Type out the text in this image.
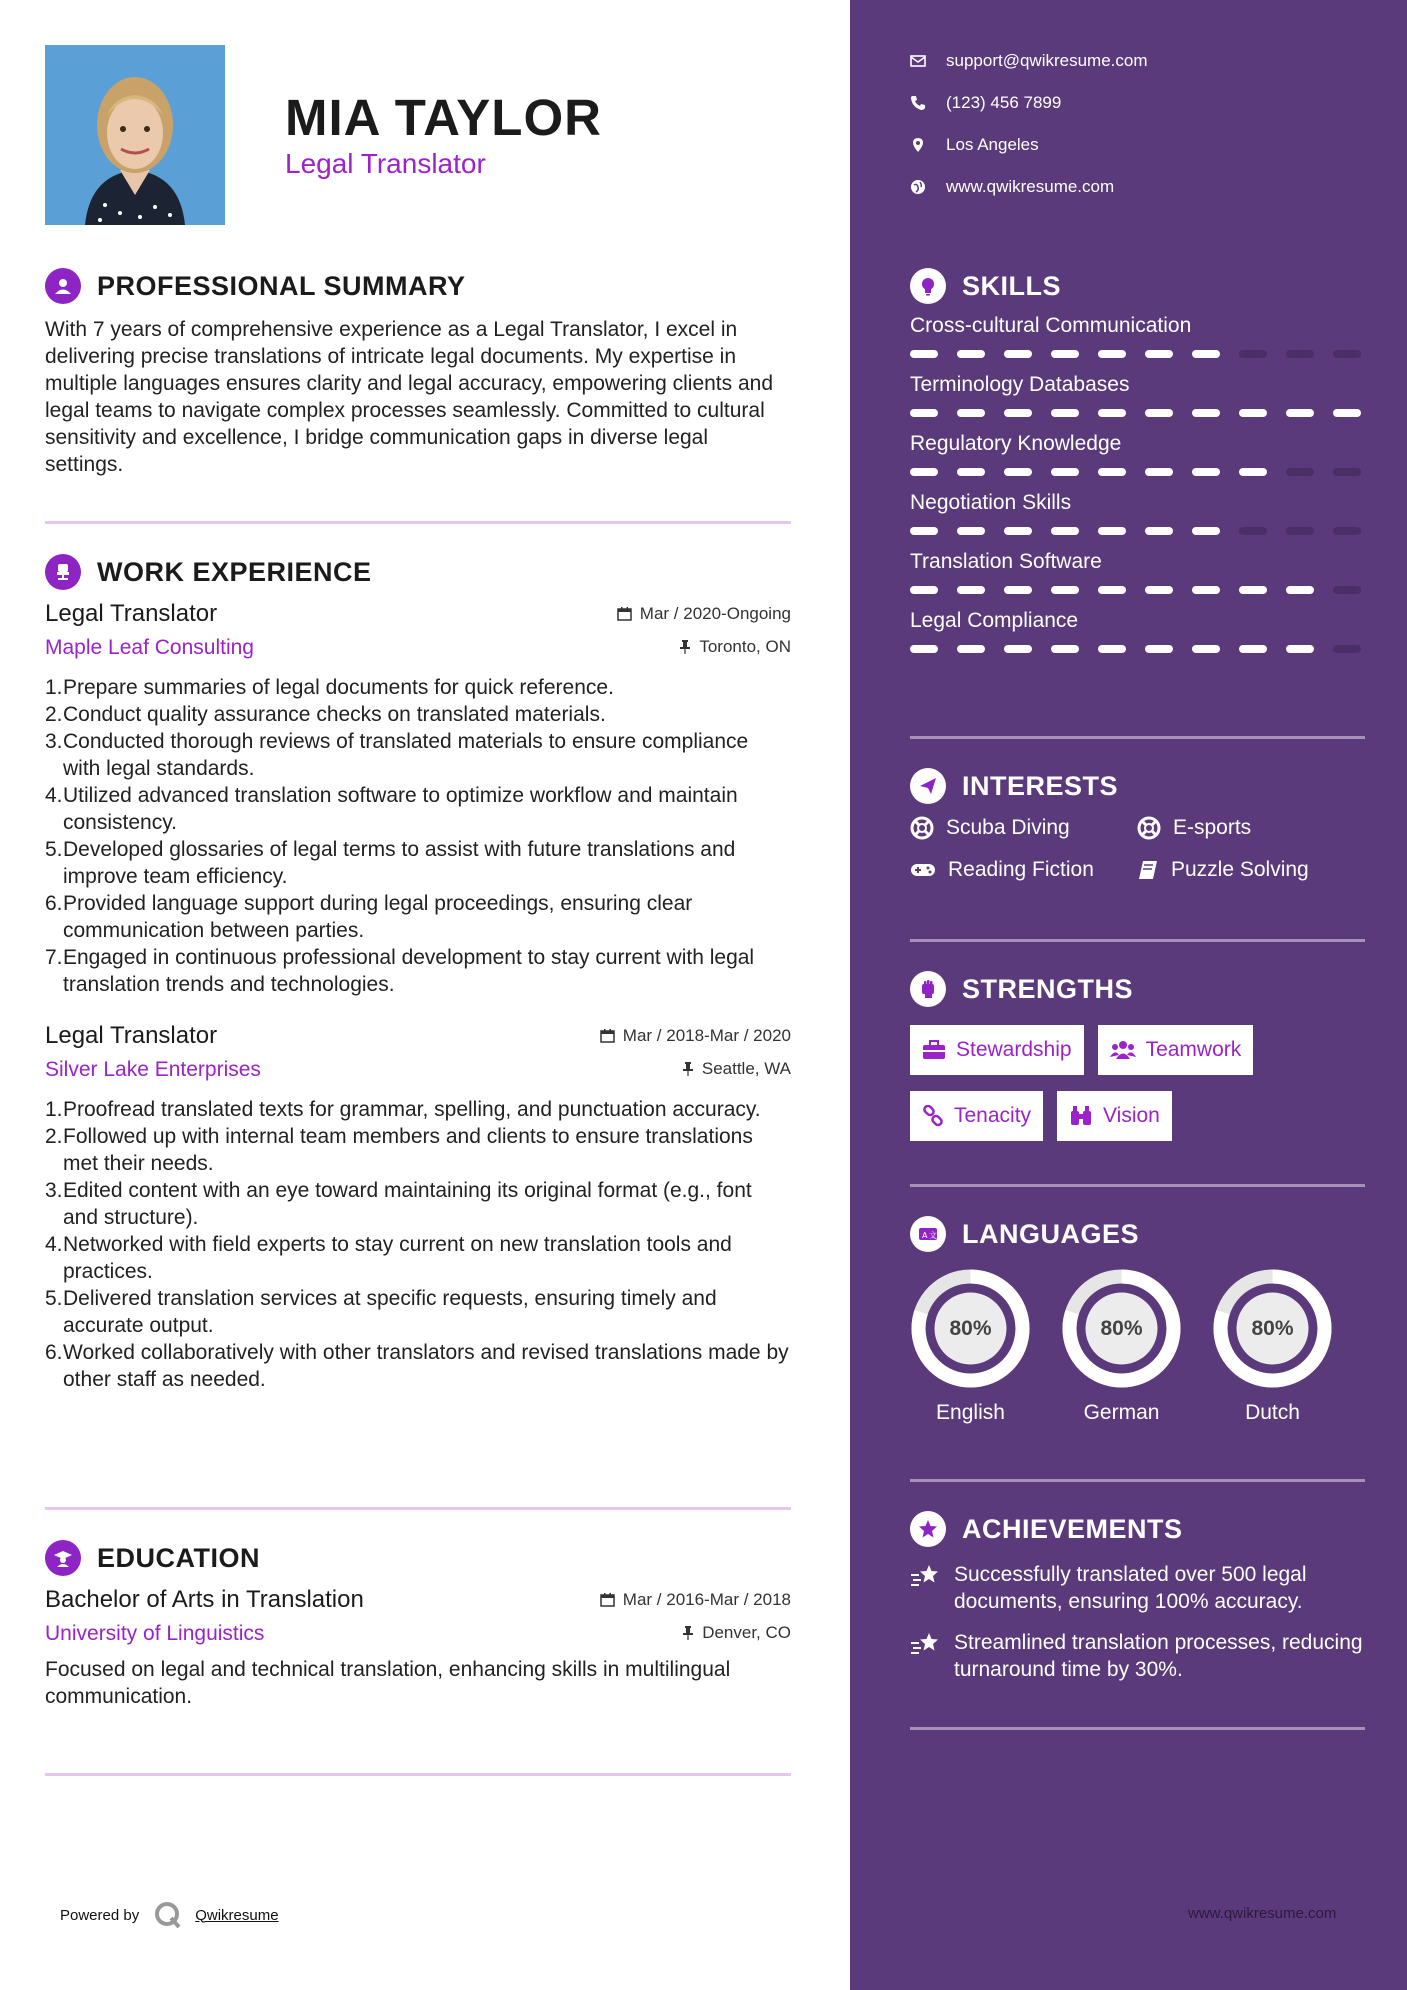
MIA TAYLOR
Legal Translator
PROFESSIONAL SUMMARY
With 7 years of comprehensive experience as a Legal Translator, I excel in delivering precise translations of intricate legal documents. My expertise in multiple languages ensures clarity and legal accuracy, empowering clients and legal teams to navigate complex processes seamlessly. Committed to cultural sensitivity and excellence, I bridge communication gaps in diverse legal settings.
WORK EXPERIENCE
Legal Translator	Mar / 2020-Ongoing
Maple Leaf Consulting	Toronto, ON
1.Prepare summaries of legal documents for quick reference.
2.Conduct quality assurance checks on translated materials.
3.Conducted thorough reviews of translated materials to ensure compliance with legal standards.
4.Utilized advanced translation software to optimize workflow and maintain consistency.
5.Developed glossaries of legal terms to assist with future translations and improve team efficiency.
6.Provided language support during legal proceedings, ensuring clear communication between parties.
7.Engaged in continuous professional development to stay current with legal translation trends and technologies.
Legal Translator	Mar / 2018-Mar / 2020
Silver Lake Enterprises	Seattle, WA
1.Proofread translated texts for grammar, spelling, and punctuation accuracy.
2.Followed up with internal team members and clients to ensure translations met their needs.
3.Edited content with an eye toward maintaining its original format (e.g., font and structure).
4.Networked with field experts to stay current on new translation tools and practices.
5.Delivered translation services at specific requests, ensuring timely and accurate output.
6.Worked collaboratively with other translators and revised translations made by other staff as needed.
EDUCATION
Bachelor of Arts in Translation	Mar / 2016-Mar / 2018
University of Linguistics	Denver, CO
Focused on legal and technical translation, enhancing skills in multilingual communication.
Powered by	Qwikresume
support@qwikresume.com
(123) 456 7899
Los Angeles
www.qwikresume.com
SKILLS
Cross-cultural Communication
Terminology Databases
Regulatory Knowledge
Negotiation Skills
Translation Software
Legal Compliance
INTERESTS
Scuba Diving	E-sports
Reading Fiction	Puzzle Solving
STRENGTHS
Stewardship	Teamwork
Tenacity	Vision
A 文 LANGUAGES
80%
English
80%
German
80%
Dutch
ACHIEVEMENTS
Successfully translated over 500 legal documents, ensuring 100% accuracy.
Streamlined translation processes, reducing turnaround time by 30%.
www.qwikresume.com
